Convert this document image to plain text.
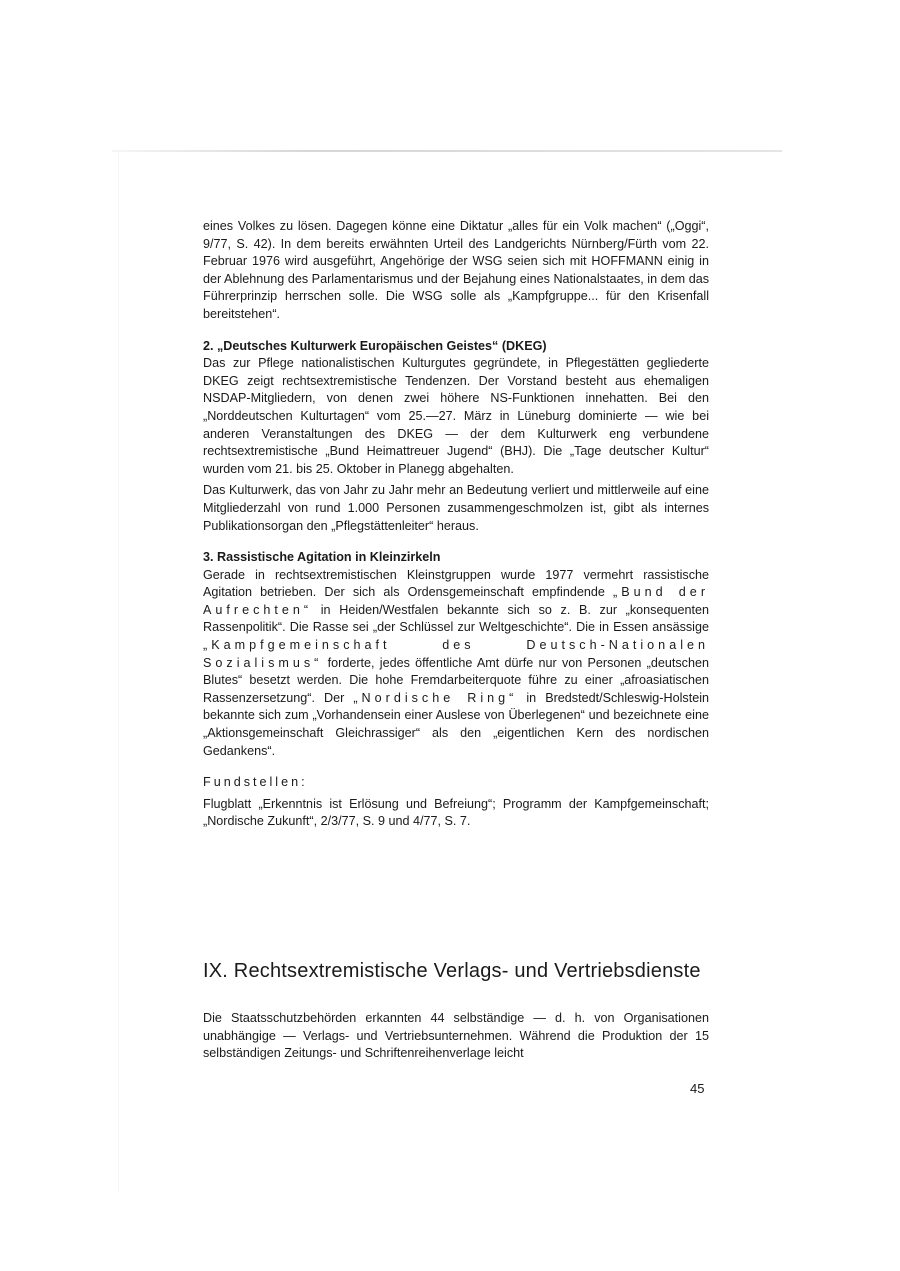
eines Volkes zu lösen. Dagegen könne eine Diktatur „alles für ein Volk machen“ („Oggi“, 9/77, S. 42). In dem bereits erwähnten Urteil des Landgerichts Nürnberg/Fürth vom 22. Februar 1976 wird ausgeführt, Angehörige der WSG seien sich mit HOFFMANN einig in der Ablehnung des Parlamentarismus und der Bejahung eines Nationalstaates, in dem das Führerprinzip herrschen solle. Die WSG solle als „Kampfgruppe... für den Krisenfall bereitstehen“.

2. „Deutsches Kulturwerk Europäischen Geistes“ (DKEG)

Das zur Pflege nationalistischen Kulturgutes gegründete, in Pflegestätten gegliederte DKEG zeigt rechtsextremistische Tendenzen. Der Vorstand besteht aus ehemaligen NSDAP-Mitgliedern, von denen zwei höhere NS-Funktionen innehatten. Bei den „Norddeutschen Kulturtagen“ vom 25.—27. März in Lüneburg dominierte — wie bei anderen Veranstaltungen des DKEG — der dem Kulturwerk eng verbundene rechtsextremistische „Bund Heimattreuer Jugend“ (BHJ). Die „Tage deutscher Kultur“ wurden vom 21. bis 25. Oktober in Planegg abgehalten.

Das Kulturwerk, das von Jahr zu Jahr mehr an Bedeutung verliert und mittlerweile auf eine Mitgliederzahl von rund 1.000 Personen zusammengeschmolzen ist, gibt als internes Publikationsorgan den „Pflegstättenleiter“ heraus.

3. Rassistische Agitation in Kleinzirkeln

Gerade in rechtsextremistischen Kleinstgruppen wurde 1977 vermehrt rassistische Agitation betrieben. Der sich als Ordensgemeinschaft empfindende „Bund der Aufrechten“ in Heiden/Westfalen bekannte sich so z. B. zur „konsequenten Rassenpolitik“. Die Rasse sei „der Schlüssel zur Weltgeschichte“. Die in Essen ansässige „Kampfgemeinschaft des Deutsch-Nationalen Sozialismus“ forderte, jedes öffentliche Amt dürfe nur von Personen „deutschen Blutes“ besetzt werden. Die hohe Fremdarbeiterquote führe zu einer „afroasiatischen Rassenzersetzung“. Der „Nordische Ring“ in Bredstedt/Schleswig-Holstein bekannte sich zum „Vorhandensein einer Auslese von Überlegenen“ und bezeichnete eine „Aktionsgemeinschaft Gleichrassiger“ als den „eigentlichen Kern des nordischen Gedankens“.

Fundstellen:

Flugblatt „Erkenntnis ist Erlösung und Befreiung“; Programm der Kampfgemeinschaft; „Nordische Zukunft“, 2/3/77, S. 9 und 4/77, S. 7.

IX. Rechtsextremistische Verlags- und Vertriebsdienste

Die Staatsschutzbehörden erkannten 44 selbständige — d. h. von Organisationen unabhängige — Verlags- und Vertriebsunternehmen. Während die Produktion der 15 selbständigen Zeitungs- und Schriftenreihenverlage leicht

45
